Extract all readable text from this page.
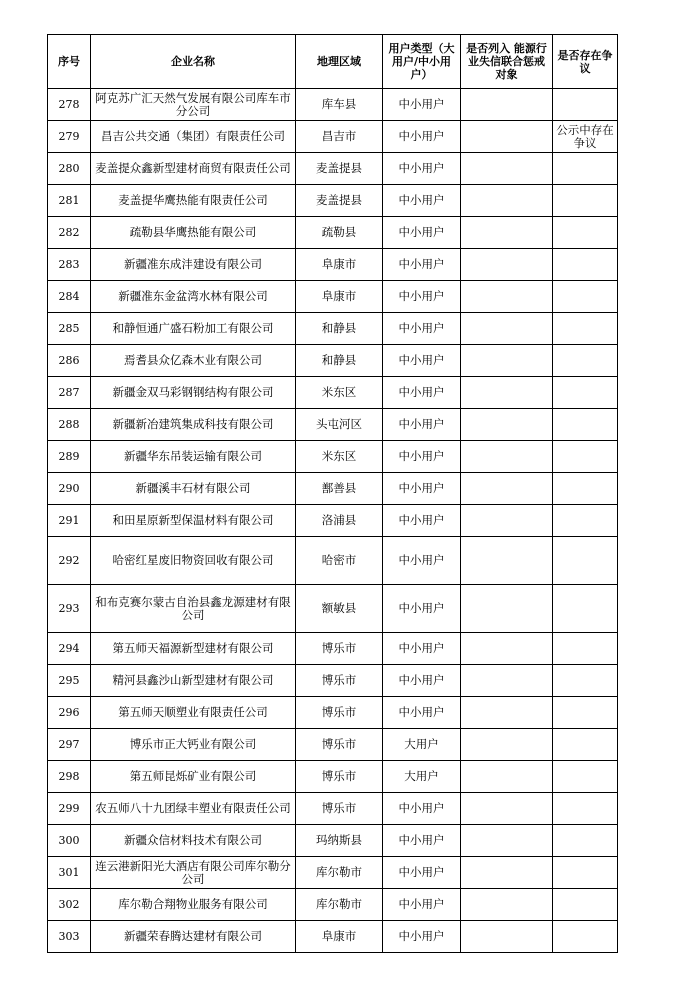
序号	企业名称	地理区域	用户类型（大用户/中小用户）	是否列入 能源行业失信联合惩戒对象	是否存在争议
278	阿克苏广汇天然气发展有限公司库车市分公司	库车县	中小用户		
279	昌吉公共交通（集团）有限责任公司	昌吉市	中小用户		公示中存在争议
280	麦盖提众鑫新型建材商贸有限责任公司	麦盖提县	中小用户		
281	麦盖提华鹰热能有限责任公司	麦盖提县	中小用户		
282	疏勒县华鹰热能有限公司	疏勒县	中小用户		
283	新疆准东成沣建设有限公司	阜康市	中小用户		
284	新疆准东金盆湾水林有限公司	阜康市	中小用户		
285	和静恒通广盛石粉加工有限公司	和静县	中小用户		
286	焉耆县众亿森木业有限公司	和静县	中小用户		
287	新疆金双马彩钢钢结构有限公司	米东区	中小用户		
288	新疆新冶建筑集成科技有限公司	头屯河区	中小用户		
289	新疆华东吊装运输有限公司	米东区	中小用户		
290	新疆溪丰石材有限公司	鄯善县	中小用户		
291	和田星原新型保温材料有限公司	洛浦县	中小用户		
292	哈密红星废旧物资回收有限公司	哈密市	中小用户		
293	和布克赛尔蒙古自治县鑫龙源建材有限公司	额敏县	中小用户		
294	第五师天福源新型建材有限公司	博乐市	中小用户		
295	精河县鑫沙山新型建材有限公司	博乐市	中小用户		
296	第五师天顺塑业有限责任公司	博乐市	中小用户		
297	博乐市正大钙业有限公司	博乐市	大用户		
298	第五师昆烁矿业有限公司	博乐市	大用户		
299	农五师八十九团绿丰塑业有限责任公司	博乐市	中小用户		
300	新疆众信材料技术有限公司	玛纳斯县	中小用户		
301	连云港新阳光大酒店有限公司库尔勒分公司	库尔勒市	中小用户		
302	库尔勒合翔物业服务有限公司	库尔勒市	中小用户		
303	新疆荣春腾达建材有限公司	阜康市	中小用户		
